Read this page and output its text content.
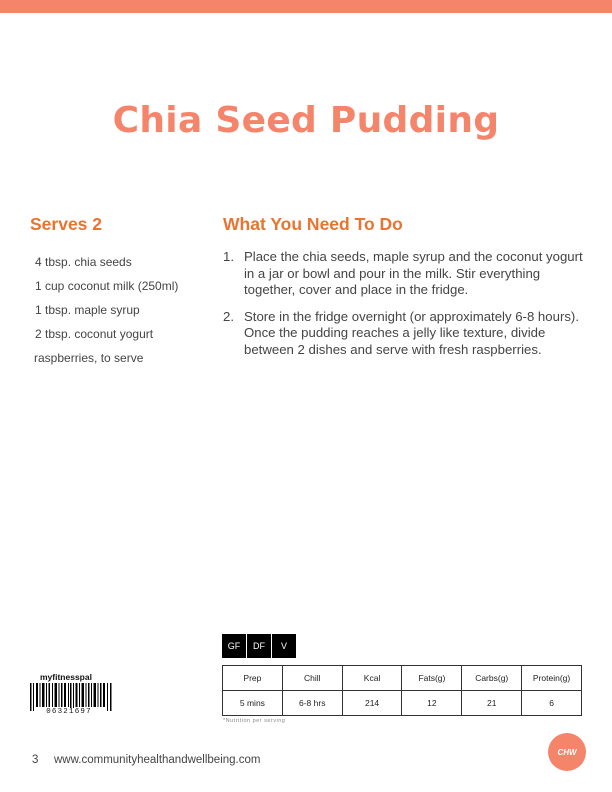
Chia Seed Pudding
Serves 2
4 tbsp. chia seeds
1 cup coconut milk (250ml)
1 tbsp. maple syrup
2 tbsp. coconut yogurt
raspberries, to serve
What You Need To Do
1. Place the chia seeds, maple syrup and the coconut yogurt in a jar or bowl and pour in the milk. Stir everything together, cover and place in the fridge.
2. Store in the fridge overnight (or approximately 6-8 hours). Once the pudding reaches a jelly like texture, divide between 2 dishes and serve with fresh raspberries.
GF	DF	V
Prep	Chill	Kcal	Fats(g)	Carbs(g)	Protein(g)
5 mins	6-8 hrs	214	12	21	6
*Nutrition per serving
myfitnesspal
06321697
3 www.communityhealthandwellbeing.com
CHW
